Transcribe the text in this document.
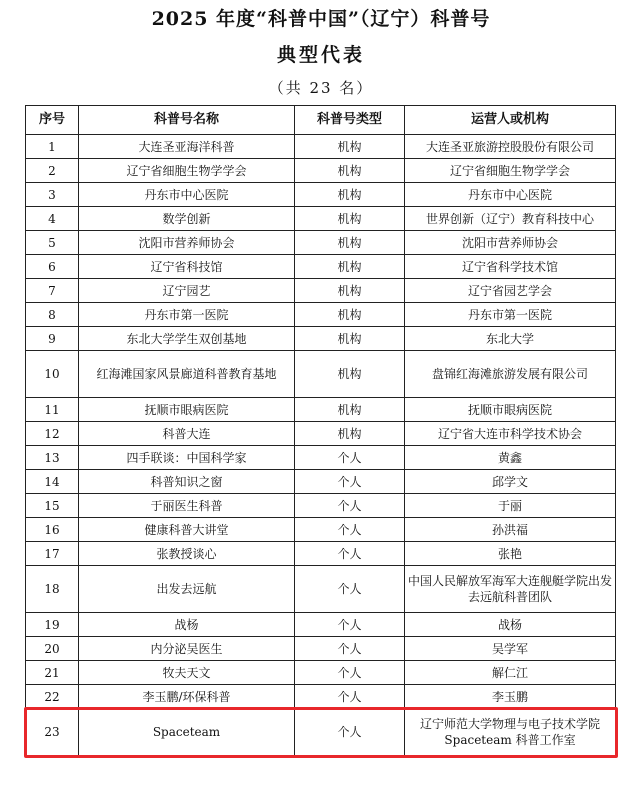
2025 年度“科普中国”（辽宁）科普号
典型代表
（共 23 名）
序号	科普号名称	科普号类型	运营人或机构
1	大连圣亚海洋科普	机构	大连圣亚旅游控股股份有限公司
2	辽宁省细胞生物学学会	机构	辽宁省细胞生物学学会
3	丹东市中心医院	机构	丹东市中心医院
4	数学创新	机构	世界创新（辽宁）教育科技中心
5	沈阳市营养师协会	机构	沈阳市营养师协会
6	辽宁省科技馆	机构	辽宁省科学技术馆
7	辽宁园艺	机构	辽宁省园艺学会
8	丹东市第一医院	机构	丹东市第一医院
9	东北大学学生双创基地	机构	东北大学
10	红海滩国家风景廊道科普教育基地	机构	盘锦红海滩旅游发展有限公司
11	抚顺市眼病医院	机构	抚顺市眼病医院
12	科普大连	机构	辽宁省大连市科学技术协会
13	四手联谈：中国科学家	个人	黄鑫
14	科普知识之窗	个人	邱学文
15	于丽医生科普	个人	于丽
16	健康科普大讲堂	个人	孙洪福
17	张教授谈心	个人	张艳
18	出发去远航	个人	中国人民解放军海军大连舰艇学院出发去远航科普团队
19	战杨	个人	战杨
20	内分泌吴医生	个人	吴学军
21	牧夫天文	个人	解仁江
22	李玉鹏/环保科普	个人	李玉鹏
23	Spaceteam	个人	辽宁师范大学物理与电子技术学院 Spaceteam 科普工作室
